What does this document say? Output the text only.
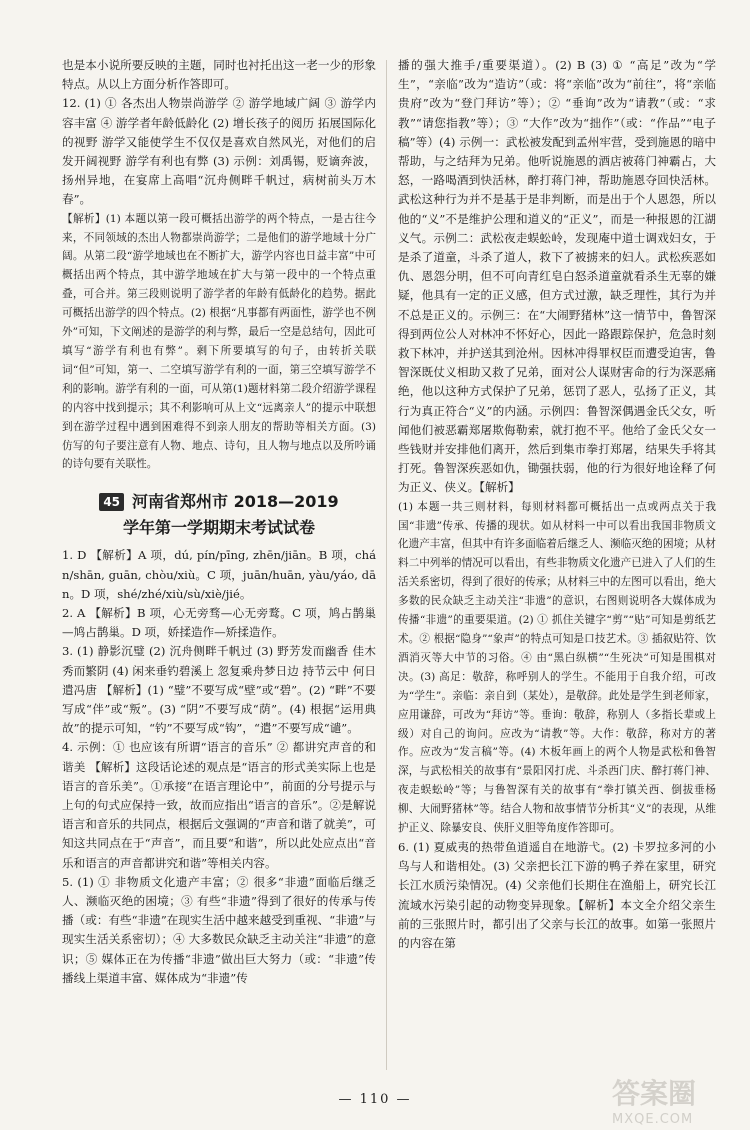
也是本小说所要反映的主题，同时也衬托出这一老一少的形象特点。从以上方面分析作答即可。

12. (1) ① 各杰出人物崇尚游学 ② 游学地域广阔 ③ 游学内容丰富 ④ 游学者年龄低龄化 (2) 增长孩子的阅历 拓展国际化的视野 游学又能使学生不仅仅是喜欢自然风光，对他们的启发开阔视野 游学有利也有弊 (3) 示例：刘禹锡，贬谪奔波，扬州异地，在宴席上高唱“沉舟侧畔千帆过，病树前头万木春”。

【解析】(1) 本题以第一段可概括出游学的两个特点，一是古往今来，不同领域的杰出人物都崇尚游学；二是他们的游学地域十分广阔。从第二段“游学地域也在不断扩大，游学内容也日益丰富”中可概括出两个特点，其中游学地域在扩大与第一段中的一个特点重叠，可合并。第三段则说明了游学者的年龄有低龄化的趋势。据此可概括出游学的四个特点。(2) 根据“凡事都有两面性，游学也不例外”可知，下文阐述的是游学的利与弊，最后一空是总结句，因此可填写“游学有利也有弊”。剩下所要填写的句子，由转折关联词“但”可知，第一、二空填写游学有利的一面，第三空填写游学不利的影响。游学有利的一面，可从第(1)题材料第二段介绍游学课程的内容中找到提示；其不利影响可从上文“远离亲人”的提示中联想到在游学过程中遇到困难得不到亲人朋友的帮助等相关方面。(3) 仿写的句子要注意有人物、地点、诗句，且人物与地点以及所吟诵的诗句要有关联性。

45 河南省郑州市 2018—2019
学年第一学期期末考试试卷

1. D 【解析】A 项，dú, pín/pīng, zhēn/jiān。B 项，chán/shān, guān, chòu/xiù。C 项，juān/huān, yàu/yáo, dān。D 项，shé/zhé/xiù/sù/xiè/jié。

2. A 【解析】B 项，心无旁骛—心无旁鹜。C 项，鸠占鹊巢—鸠占鹊巢。D 项，娇揉造作—矫揉造作。

3. (1) 静影沉璧 (2) 沉舟侧畔千帆过 (3) 野芳发而幽香 佳木秀而繁阴 (4) 闲来垂钓碧溪上 忽复乘舟梦日边 持节云中 何日遣冯唐 【解析】(1) “璧”不要写成“壁”或“碧”。(2) “畔”不要写成“伴”或“叛”。(3) “阴”不要写成“荫”。(4) 根据“运用典故”的提示可知，“钓”不要写成“钩”，“遣”不要写成“谴”。

4. 示例：① 也应该有所谓“语言的音乐” ② 都讲究声音的和谐美 【解析】这段话论述的观点是“语言的形式美实际上也是语言的音乐美”。①承接“在语言理论中”，前面的分号提示与上句的句式应保持一致，故而应指出“语言的音乐”。②是解说语言和音乐的共同点，根据后文强调的“声音和谐了就美”，可知这共同点在于“声音”，而且要“和谐”，所以此处应点出“音乐和语言的声音都讲究和谐”等相关内容。

5. (1) ① 非物质文化遗产丰富；② 很多“非遗”面临后继乏人、濒临灭绝的困境；③ 有些“非遗”得到了很好的传承与传播（或：有些“非遗”在现实生活中越来越受到重视、“非遗”与现实生活关系密切）；④ 大多数民众缺乏主动关注“非遗”的意识；⑤ 媒体正在为传播“非遗”做出巨大努力（或：“非遗”传播线上渠道丰富、媒体成为“非遗”传

播的强大推手/重要渠道）。(2) B (3) ① “高足”改为“学生”，“亲临”改为“造访”（或：将“亲临”改为“前往”，将“亲临贵府”改为“登门拜访”等）；② “垂询”改为“请教”（或：“求教”“请您指教”等）；③ “大作”改为“拙作”（或：“作品”“电子稿”等）(4) 示例一：武松被发配到孟州牢营，受到施恩的暗中帮助，与之结拜为兄弟。他听说施恩的酒店被蒋门神霸占，大怒，一路喝酒到快活林，醉打蒋门神，帮助施恩夺回快活林。武松这种行为并不是基于是非判断，而是出于个人恩怨，所以他的“义”不是维护公理和道义的“正义”，而是一种报恩的江湖义气。示例二：武松夜走蜈蚣岭，发现庵中道士调戏妇女，于是杀了道童，斗杀了道人，救下了被掳来的妇人。武松疾恶如仇、恩怨分明，但不可向青红皂白怒杀道童就看杀生无辜的嫌疑，他具有一定的正义感，但方式过激，缺乏理性，其行为并不总是正义的。示例三：在“大闹野猪林”这一情节中，鲁智深得到两位公人对林冲不怀好心，因此一路跟踪保护，危急时刻救下林冲，并护送其到沧州。因林冲得罪权臣而遭受迫害，鲁智深既仗义相助又救了兄弟，面对公人谋财害命的行为深恶痛绝，他以这种方式保护了兄弟，惩罚了恶人，弘扬了正义，其行为真正符合“义”的内涵。示例四：鲁智深偶遇金氏父女，听闻他们被恶霸郑屠欺侮勒索，就打抱不平。他给了金氏父女一些钱财并安排他们离开，然后到集市拳打郑屠，结果失手将其打死。鲁智深疾恶如仇，锄强扶弱，他的行为很好地诠释了何为正义、侠义。【解析】

(1) 本题一共三则材料，每则材料都可概括出一点或两点关于我国“非遗”传承、传播的现状。如从材料一中可以看出我国非物质文化遗产丰富，但其中有许多面临着后继乏人、濒临灭绝的困境；从材料二中列举的情况可以看出，有些非物质文化遗产已进入了人们的生活关系密切，得到了很好的传承；从材料三中的左图可以看出，绝大多数的民众缺乏主动关注“非遗”的意识，右图则说明各大媒体成为传播“非遗”的重要渠道。(2) ① 抓住关键字“剪”“贴”可知是剪纸艺术。② 根据“隐身”“象声”的特点可知是口技艺术。③ 插叙贴符、饮酒消灭等大中节的习俗。④ 由“黑白纵横”“生死决”可知是围棋对决。(3) 高足：敬辞，称呼别人的学生。不能用于自我介绍，可改为“学生”。亲临：亲自到（某处），是敬辞。此处是学生到老师家，应用谦辞，可改为“拜访”等。垂询：敬辞，称别人（多指长辈或上级）对自己的询问。应改为“请教”等。大作：敬辞，称对方的著作。应改为“发言稿”等。(4) 木板年画上的两个人物是武松和鲁智深，与武松相关的故事有“景阳冈打虎、斗杀西门庆、醉打蒋门神、夜走蜈蚣岭”等；与鲁智深有关的故事有“拳打镇关西、倒拔垂杨柳、大闹野猪林”等。结合人物和故事情节分析其“义”的表现，从维护正义、除暴安良、侠肝义胆等角度作答即可。

6. (1) 夏威夷的热带鱼逍遥自在地游弋。(2) 卡罗拉多河的小鸟与人和谐相处。(3) 父亲把长江下游的鸭子养在家里，研究长江水质污染情况。(4) 父亲他们长期住在渔船上，研究长江流域水污染引起的动物变异现象。【解析】本文全介绍父亲生前的三张照片时，都引出了父亲与长江的故事。如第一张照片的内容在第

— 110 —	答案圈
MXQE.COM
